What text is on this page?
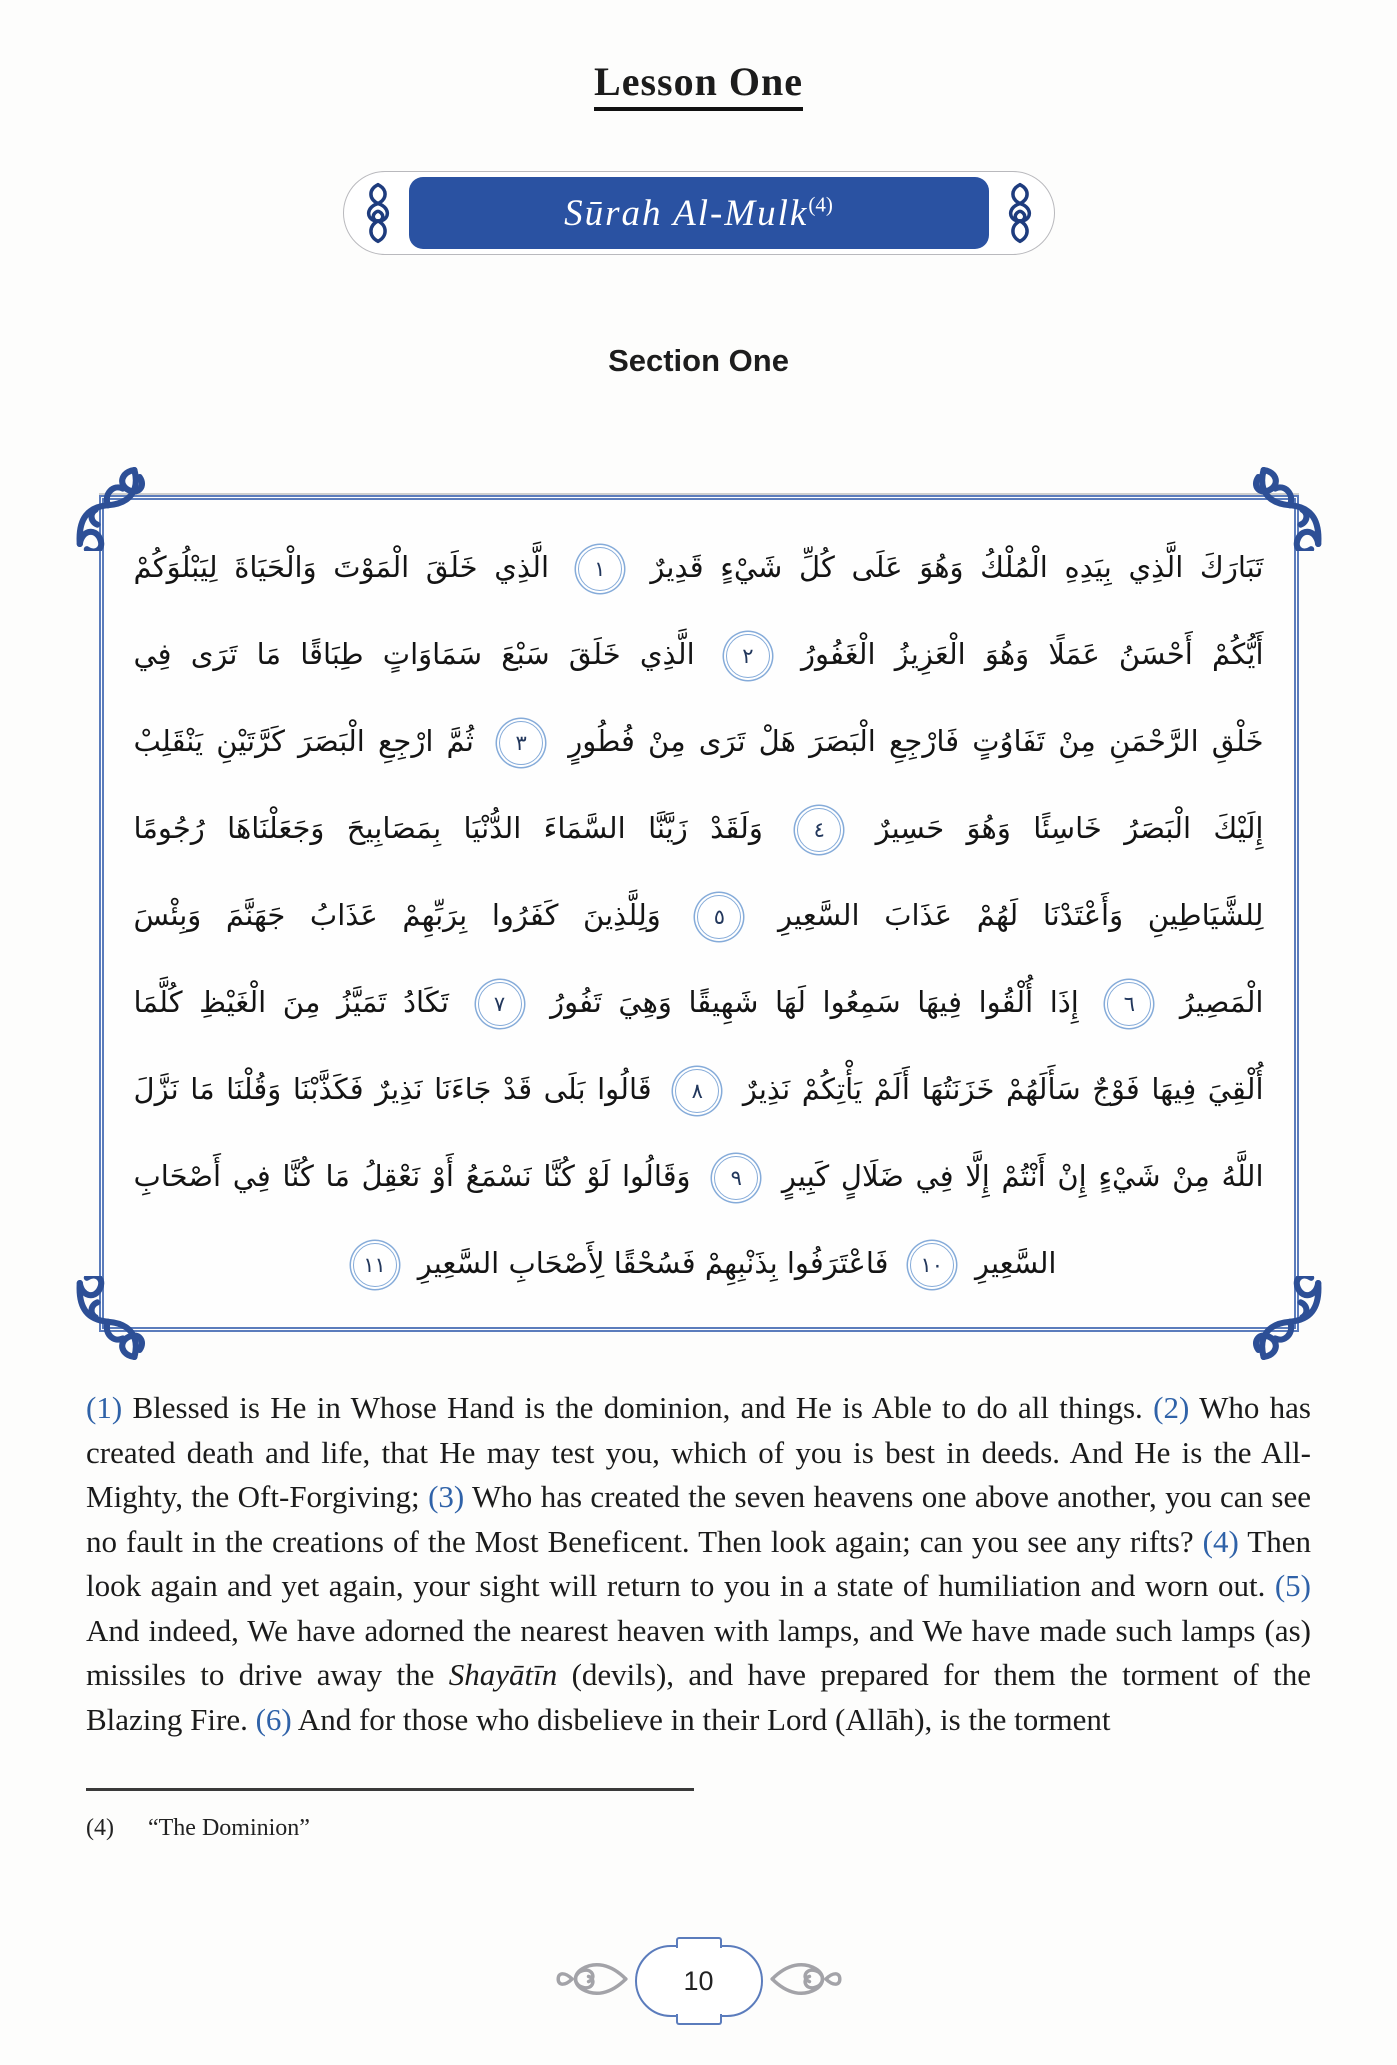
Lesson One
Sūrah Al-Mulk$^{(4)}$
Section One
تَبَارَكَ الَّذِي بِيَدِهِ الْمُلْكُ وَهُوَ عَلَى كُلِّ شَيْءٍ قَدِيرٌ ١ الَّذِي خَلَقَ الْمَوْتَ وَالْحَيَاةَ لِيَبْلُوَكُمْ
أَيُّكُمْ أَحْسَنُ عَمَلًا وَهُوَ الْعَزِيزُ الْغَفُورُ ٢ الَّذِي خَلَقَ سَبْعَ سَمَاوَاتٍ طِبَاقًا مَا تَرَى فِي
خَلْقِ الرَّحْمَنِ مِنْ تَفَاوُتٍ فَارْجِعِ الْبَصَرَ هَلْ تَرَى مِنْ فُطُورٍ ٣ ثُمَّ ارْجِعِ الْبَصَرَ كَرَّتَيْنِ يَنْقَلِبْ
إِلَيْكَ الْبَصَرُ خَاسِئًا وَهُوَ حَسِيرٌ ٤ وَلَقَدْ زَيَّنَّا السَّمَاءَ الدُّنْيَا بِمَصَابِيحَ وَجَعَلْنَاهَا رُجُومًا
لِلشَّيَاطِينِ وَأَعْتَدْنَا لَهُمْ عَذَابَ السَّعِيرِ ٥ وَلِلَّذِينَ كَفَرُوا بِرَبِّهِمْ عَذَابُ جَهَنَّمَ وَبِئْسَ
الْمَصِيرُ ٦ إِذَا أُلْقُوا فِيهَا سَمِعُوا لَهَا شَهِيقًا وَهِيَ تَفُورُ ٧ تَكَادُ تَمَيَّزُ مِنَ الْغَيْظِ كُلَّمَا
أُلْقِيَ فِيهَا فَوْجٌ سَأَلَهُمْ خَزَنَتُهَا أَلَمْ يَأْتِكُمْ نَذِيرٌ ٨ قَالُوا بَلَى قَدْ جَاءَنَا نَذِيرٌ فَكَذَّبْنَا وَقُلْنَا مَا نَزَّلَ
اللَّهُ مِنْ شَيْءٍ إِنْ أَنْتُمْ إِلَّا فِي ضَلَالٍ كَبِيرٍ ٩ وَقَالُوا لَوْ كُنَّا نَسْمَعُ أَوْ نَعْقِلُ مَا كُنَّا فِي أَصْحَابِ
السَّعِيرِ ١٠ فَاعْتَرَفُوا بِذَنْبِهِمْ فَسُحْقًا لِأَصْحَابِ السَّعِيرِ ١١

(1) Blessed is He in Whose Hand is the dominion, and He is Able to do all things. (2) Who has created death and life, that He may test you, which of you is best in deeds. And He is the All-Mighty, the Oft-Forgiving; (3) Who has created the seven heavens one above another, you can see no fault in the creations of the Most Beneficent. Then look again; can you see any rifts? (4) Then look again and yet again, your sight will return to you in a state of humiliation and worn out. (5) And indeed, We have adorned the nearest heaven with lamps, and We have made such lamps (as) missiles to drive away the Shayātīn (devils), and have prepared for them the torment of the Blazing Fire. (6) And for those who disbelieve in their Lord (Allāh), is the torment

(4) “The Dominion”
10
